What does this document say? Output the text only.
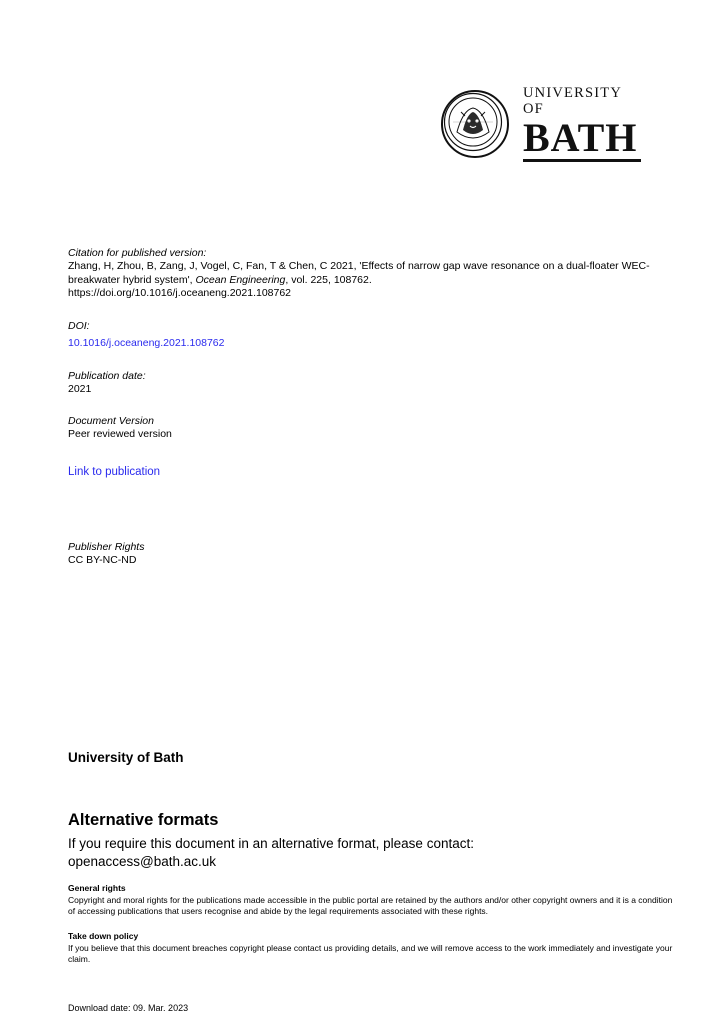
UNIVERSITY OF
BATH

Citation for published version:

Zhang, H, Zhou, B, Zang, J, Vogel, C, Fan, T & Chen, C 2021, 'Effects of narrow gap wave resonance on a dual-floater WEC-breakwater hybrid system', Ocean Engineering, vol. 225, 108762.

https://doi.org/10.1016/j.oceaneng.2021.108762

DOI:

10.1016/j.oceaneng.2021.108762

Publication date:

2021

Document Version

Peer reviewed version

Link to publication

Publisher Rights

CC BY-NC-ND

University of Bath

Alternative formats

If you require this document in an alternative format, please contact:

openaccess@bath.ac.uk

General rights

Copyright and moral rights for the publications made accessible in the public portal are retained by the authors and/or other copyright owners and it is a condition of accessing publications that users recognise and abide by the legal requirements associated with these rights.

Take down policy

If you believe that this document breaches copyright please contact us providing details, and we will remove access to the work immediately and investigate your claim.

Download date: 09. Mar. 2023
